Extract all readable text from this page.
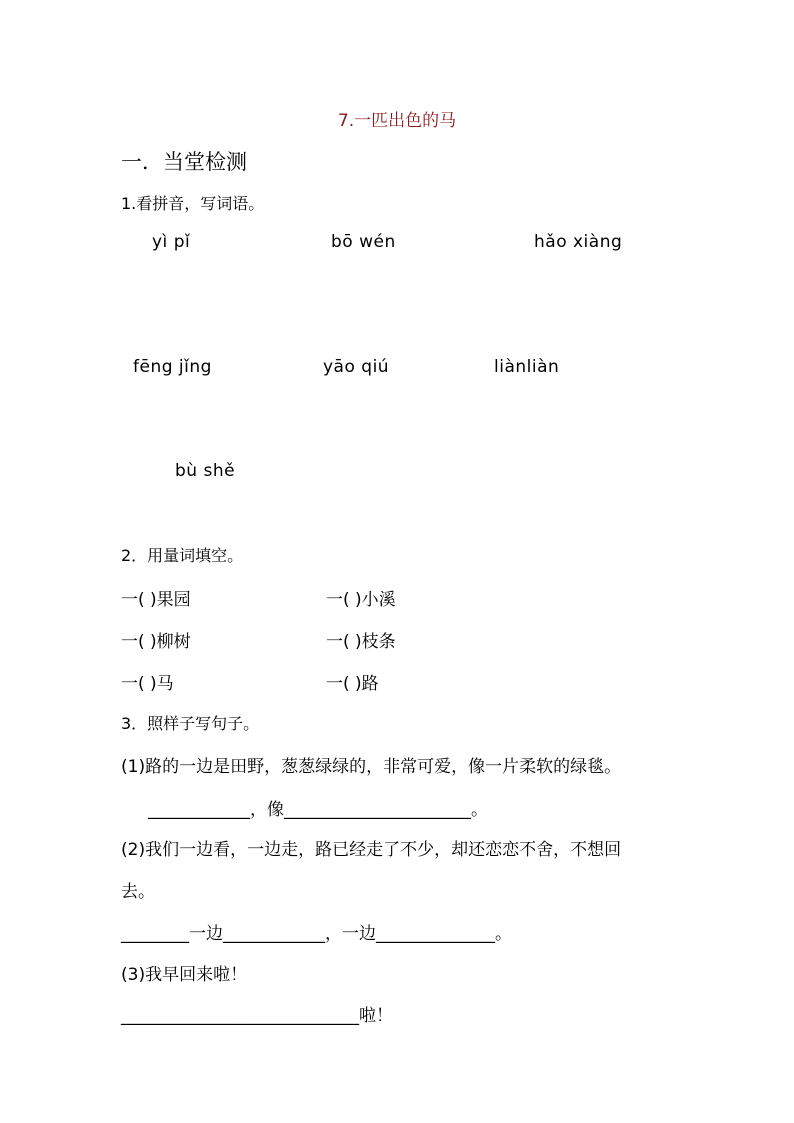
7.一匹出色的马
一．当堂检测
1.看拼音，写词语。
yì pǐ	bō wén	hǎo xiàng
fēng jǐng	yāo qiú	liànliàn
bù shě
2．用量词填空。
一( )果园	一( )小溪
一( )柳树	一( )枝条
一( )马	一( )路
3．照样子写句子。
(1)路的一边是田野，葱葱绿绿的，非常可爱，像一片柔软的绿毯。
____________，像______________________。
(2)我们一边看，一边走，路已经走了不少，却还恋恋不舍，不想回
去。
________一边____________，一边______________。
(3)我早回来啦！
____________________________啦！
